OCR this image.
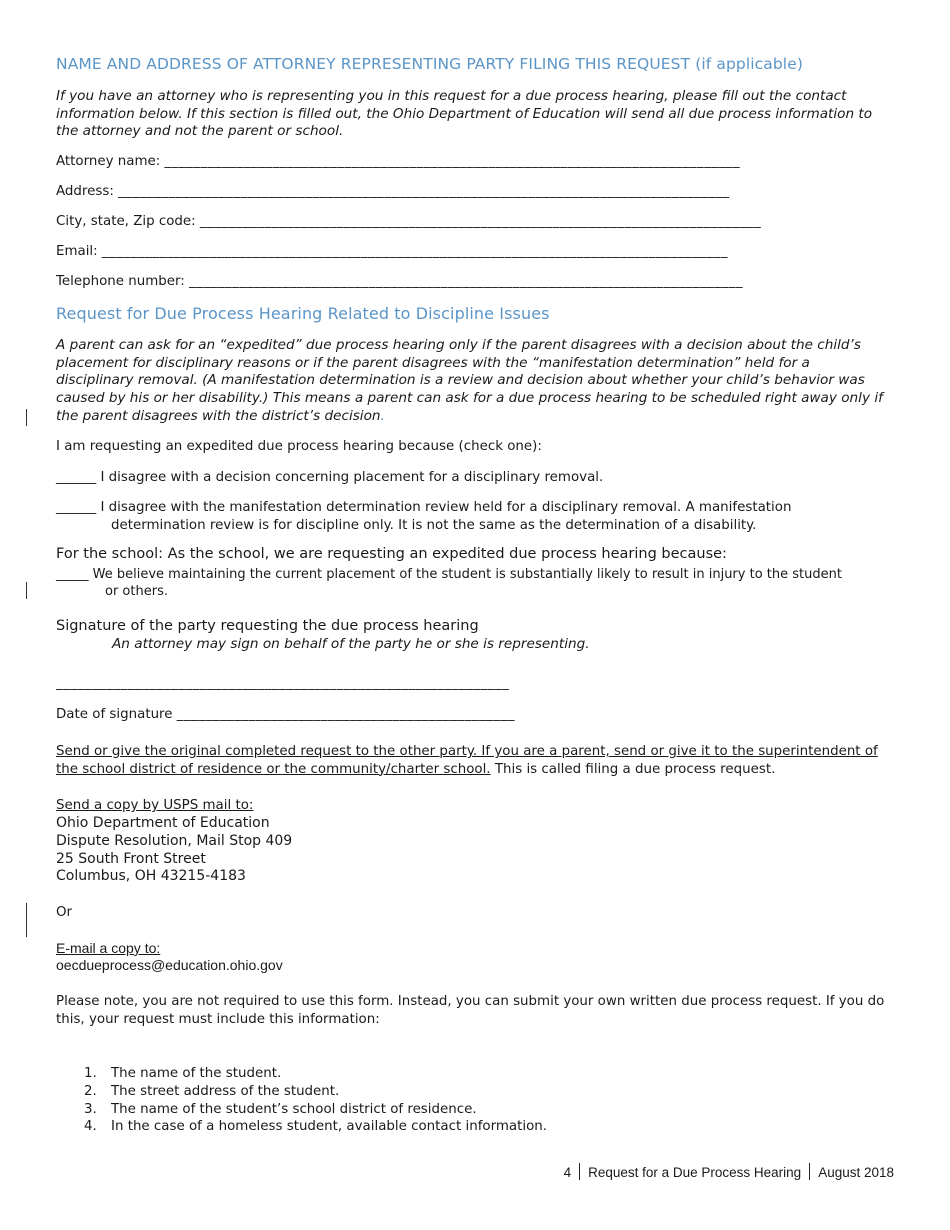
NAME AND ADDRESS OF ATTORNEY REPRESENTING PARTY FILING THIS REQUEST (if applicable)
If you have an attorney who is representing you in this request for a due process hearing, please fill out the contact information below. If this section is filled out, the Ohio Department of Education will send all due process information to the attorney and not the parent or school.
Attorney name: ________________________________________________________________________________
Address: _____________________________________________________________________________________
City, state, Zip code: ______________________________________________________________________________
Email: _______________________________________________________________________________________
Telephone number: _____________________________________________________________________________
Request for Due Process Hearing Related to Discipline Issues
A parent can ask for an “expedited” due process hearing only if the parent disagrees with a decision about the child’s placement for disciplinary reasons or if the parent disagrees with the “manifestation determination” held for a disciplinary removal. (A manifestation determination is a review and decision about whether your child’s behavior was caused by his or her disability.) This means a parent can ask for a due process hearing to be scheduled right away only if the parent disagrees with the district’s decision.
I am requesting an expedited due process hearing because (check one):
______ I disagree with a decision concerning placement for a disciplinary removal.
______ I disagree with the manifestation determination review held for a disciplinary removal. A manifestation
determination review is for discipline only. It is not the same as the determination of a disability.
For the school: As the school, we are requesting an expedited due process hearing because:
_____ We believe maintaining the current placement of the student is substantially likely to result in injury to the student
or others.
Signature of the party requesting the due process hearing
An attorney may sign on behalf of the party he or she is representing.
_______________________________________________________________
Date of signature _______________________________________________
Send or give the original completed request to the other party. If you are a parent, send or give it to the superintendent of the school district of residence or the community/charter school. This is called filing a due process request.
Send a copy by USPS mail to:
Ohio Department of Education
Dispute Resolution, Mail Stop 409
25 South Front Street
Columbus, OH 43215-4183
Or
E-mail a copy to:
oecdueprocess@education.ohio.gov
Please note, you are not required to use this form. Instead, you can submit your own written due process request. If you do this, your request must include this information:
1. The name of the student.
2. The street address of the student.
3. The name of the student’s school district of residence.
4. In the case of a homeless student, available contact information.
4 Request for a Due Process Hearing August 2018
